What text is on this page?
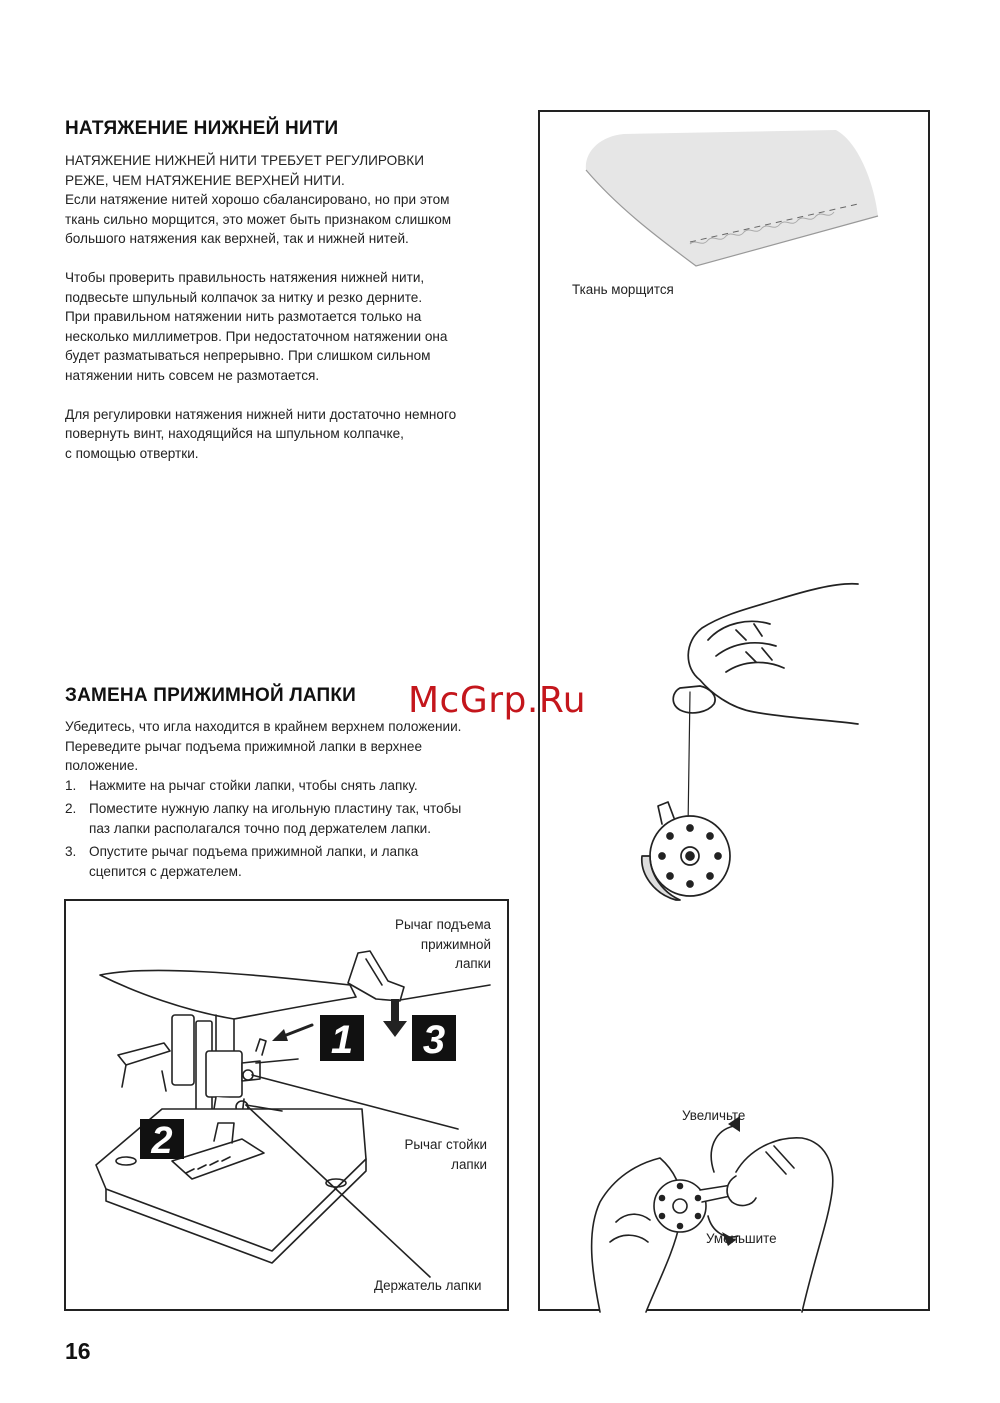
НАТЯЖЕНИЕ НИЖНЕЙ НИТИ

НАТЯЖЕНИЕ НИЖНЕЙ НИТИ ТРЕБУЕТ РЕГУЛИРОВКИ

РЕЖЕ, ЧЕМ НАТЯЖЕНИЕ ВЕРХНЕЙ НИТИ.

Если натяжение нитей хорошо сбалансировано, но при этом

ткань сильно морщится, это может быть признаком слишком

большого натяжения как верхней, так и нижней нитей.

Чтобы проверить правильность натяжения нижней нити,

подвесьте шпульный колпачок за нитку и резко дерните.

При правильном натяжении нить размотается только на

несколько миллиметров. При недостаточном натяжении она

будет разматываться непрерывно. При слишком сильном

натяжении нить совсем не размотается.

Для регулировки натяжения нижней нити достаточно немного

повернуть винт, находящийся на шпульном колпачке,

с помощью отвертки.

ЗАМЕНА ПРИЖИМНОЙ ЛАПКИ

Убедитесь, что игла находится в крайнем верхнем положении.

Переведите рычаг подъема прижимной лапки в верхнее

положение.

1. Нажмите на рычаг стойки лапки, чтобы снять лапку.
2. Поместите нужную лапку на игольную пластину так, чтобы
паз лапки располагался точно под держателем лапки.
3. Опустите рычаг подъема прижимной лапки, и лапка
сцепится с держателем.
McGrp.Ru
1 3
2
Рычаг подъема
прижимной
лапки
Рычаг стойки
лапки
Держатель лапки
Ткань морщится
Увеличьте
Уменьшите
16
